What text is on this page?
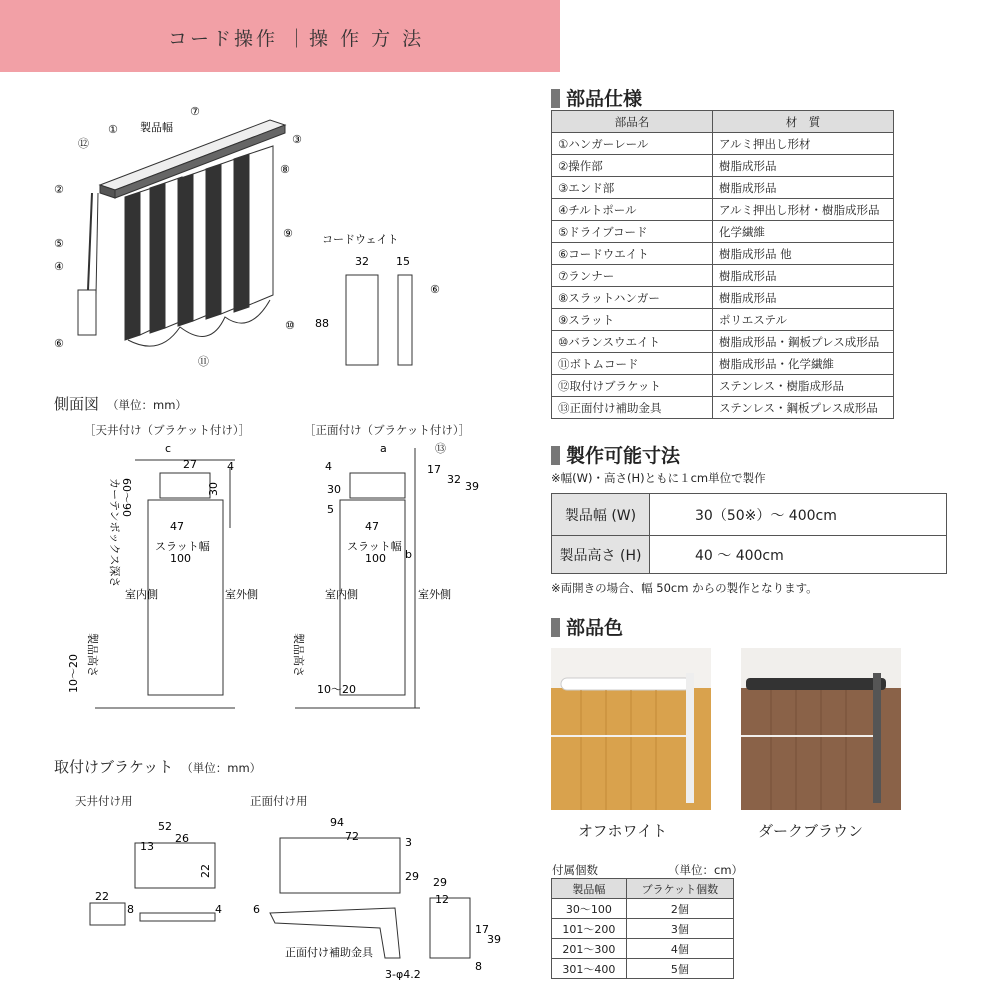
コード操作 ｜操 作 方 法
製品幅
①
⑫
⑦
③
⑧
⑨
②
⑤
④
⑥
⑩
⑪
コードウェイト
32 15
88
⑥
側面図 （単位：mm）
［天井付け（ブラケット付け）］	［正面付け（ブラケット付け）］
c
27	4
30
47
スラット幅
100
製品高さ
カーテンボックス深さ 60～90
10～20
室内側	室外側
a
b
4
30
5
47
スラット幅
100
17
32
39
⑬
製品高さ
10～20
室内側	室外側
取付けブラケット （単位：mm）
天井付け用	正面付け用
52
26
13
22
22
8	4
94
72	3
29
6
正面付け補助金具
29
12
17
39
8
3-φ4.2
部品仕様
部品名	材　質
①ハンガーレール	アルミ押出し形材
②操作部	樹脂成形品
③エンド部	樹脂成形品
④チルトポール	アルミ押出し形材・樹脂成形品
⑤ドライブコード	化学繊維
⑥コードウエイト	樹脂成形品 他
⑦ランナー	樹脂成形品
⑧スラットハンガー	樹脂成形品
⑨スラット	ポリエステル
⑩バランスウエイト	樹脂成形品・鋼板プレス成形品
⑪ボトムコード	樹脂成形品・化学繊維
⑫取付けブラケット	ステンレス・樹脂成形品
⑬正面付け補助金具	ステンレス・鋼板プレス成形品
製作可能寸法
※幅(W)・高さ(H)ともに１cm単位で製作
製品幅 (W)	30（50※）～ 400cm
製品高さ (H)	40 ～ 400cm
※両開きの場合、幅 50cm からの製作となります。
部品色
オフホワイト	ダークブラウン
付属個数	（単位：cm）
製品幅	ブラケット個数
30～100	2個
101～200	3個
201～300	4個
301～400	5個
